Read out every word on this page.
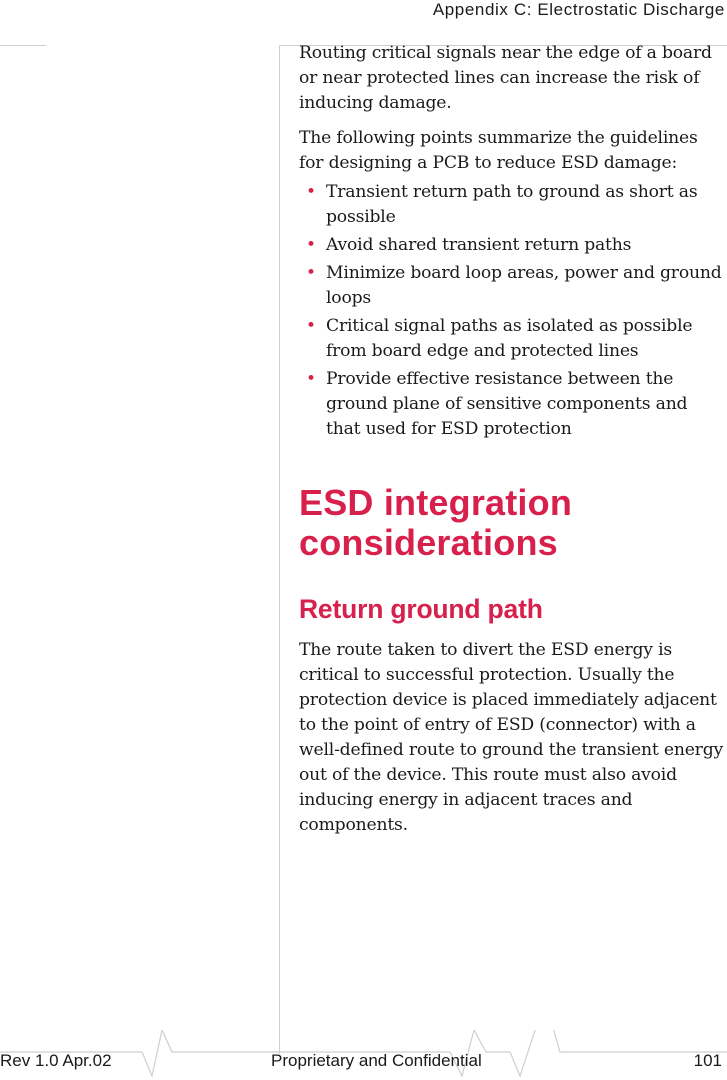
Appendix C: Electrostatic Discharge

Routing critical signals near the edge of a board or near protected lines can increase the risk of inducing damage.

The following points summarize the guidelines for designing a PCB to reduce ESD damage:

• Transient return path to ground as short as possible
• Avoid shared transient return paths
• Minimize board loop areas, power and ground loops
• Critical signal paths as isolated as possible from board edge and protected lines
• Provide effective resistance between the ground plane of sensitive components and that used for ESD protection
ESD integration considerations
Return ground path

The route taken to divert the ESD energy is critical to successful protection. Usually the protection device is placed immediately adjacent to the point of entry of ESD (connector) with a well-defined route to ground the transient energy out of the device. This route must also avoid inducing energy in adjacent traces and components.

Rev 1.0 Apr.02	Proprietary and Confidential	101
